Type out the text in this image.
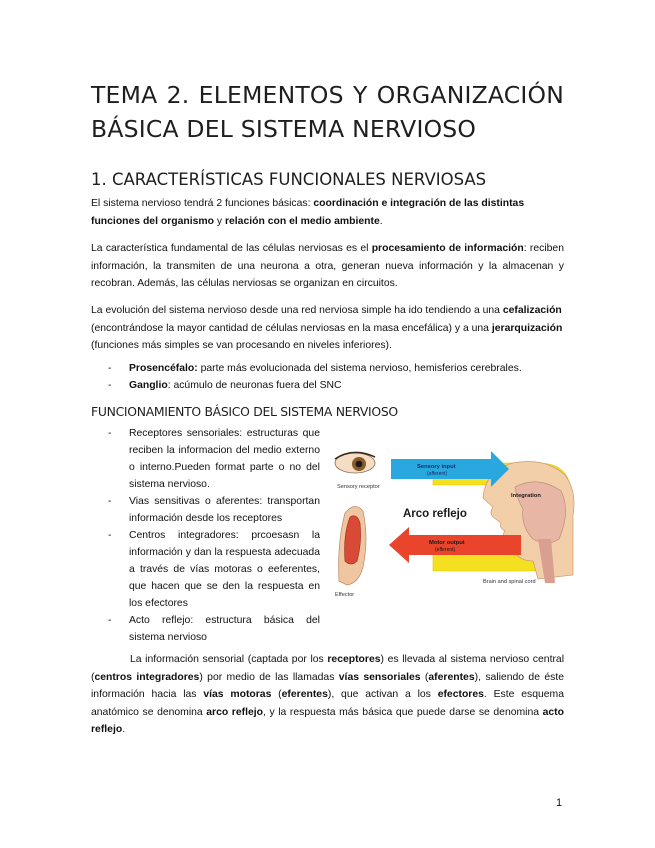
TEMA 2. ELEMENTOS Y ORGANIZACIÓN
BÁSICA DEL SISTEMA NERVIOSO
1. CARACTERÍSTICAS FUNCIONALES NERVIOSAS

El sistema nervioso tendrá 2 funciones básicas: coordinación e integración de las distintas funciones del organismo y relación con el medio ambiente.

La característica fundamental de las células nerviosas es el procesamiento de información: reciben información, la transmiten de una neurona a otra, generan nueva información y la almacenan y recobran. Además, las células nerviosas se organizan en circuitos.

La evolución del sistema nervioso desde una red nerviosa simple ha ido tendiendo a una cefalización (encontrándose la mayor cantidad de células nerviosas en la masa encefálica) y a una jerarquización (funciones más simples se van procesando en niveles inferiores).

- Prosencéfalo: parte más evolucionada del sistema nervioso, hemisferios cerebrales.
- Ganglio: acúmulo de neuronas fuera del SNC
FUNCIONAMIENTO BÁSICO DEL SISTEMA NERVIOSO
- Receptores sensoriales: estructuras que reciben la informacion del medio externo o interno.Pueden format parte o no del sistema nervioso.
- Vias sensitivas o aferentes: transportan información desde los receptores
- Centros integradores: prcoesasn la información y dan la respuesta adecuada a través de vías motoras o eeferentes, que hacen que se den la respuesta en los efectores
- Acto reflejo: estructura básica del sistema nervioso
Sensory input
(afferent)
Integration
Arco reflejo
Motor output
(efferent)
Sensory receptor
Brain and spinal cord
Effector

La información sensorial (captada por los receptores) es llevada al sistema nervioso central (centros integradores) por medio de las llamadas vías sensoriales (aferentes), saliendo de éste información hacia las vías motoras (eferentes), que activan a los efectores. Este esquema anatómico se denomina arco reflejo, y la respuesta más básica que puede darse se denomina acto reflejo.

1
